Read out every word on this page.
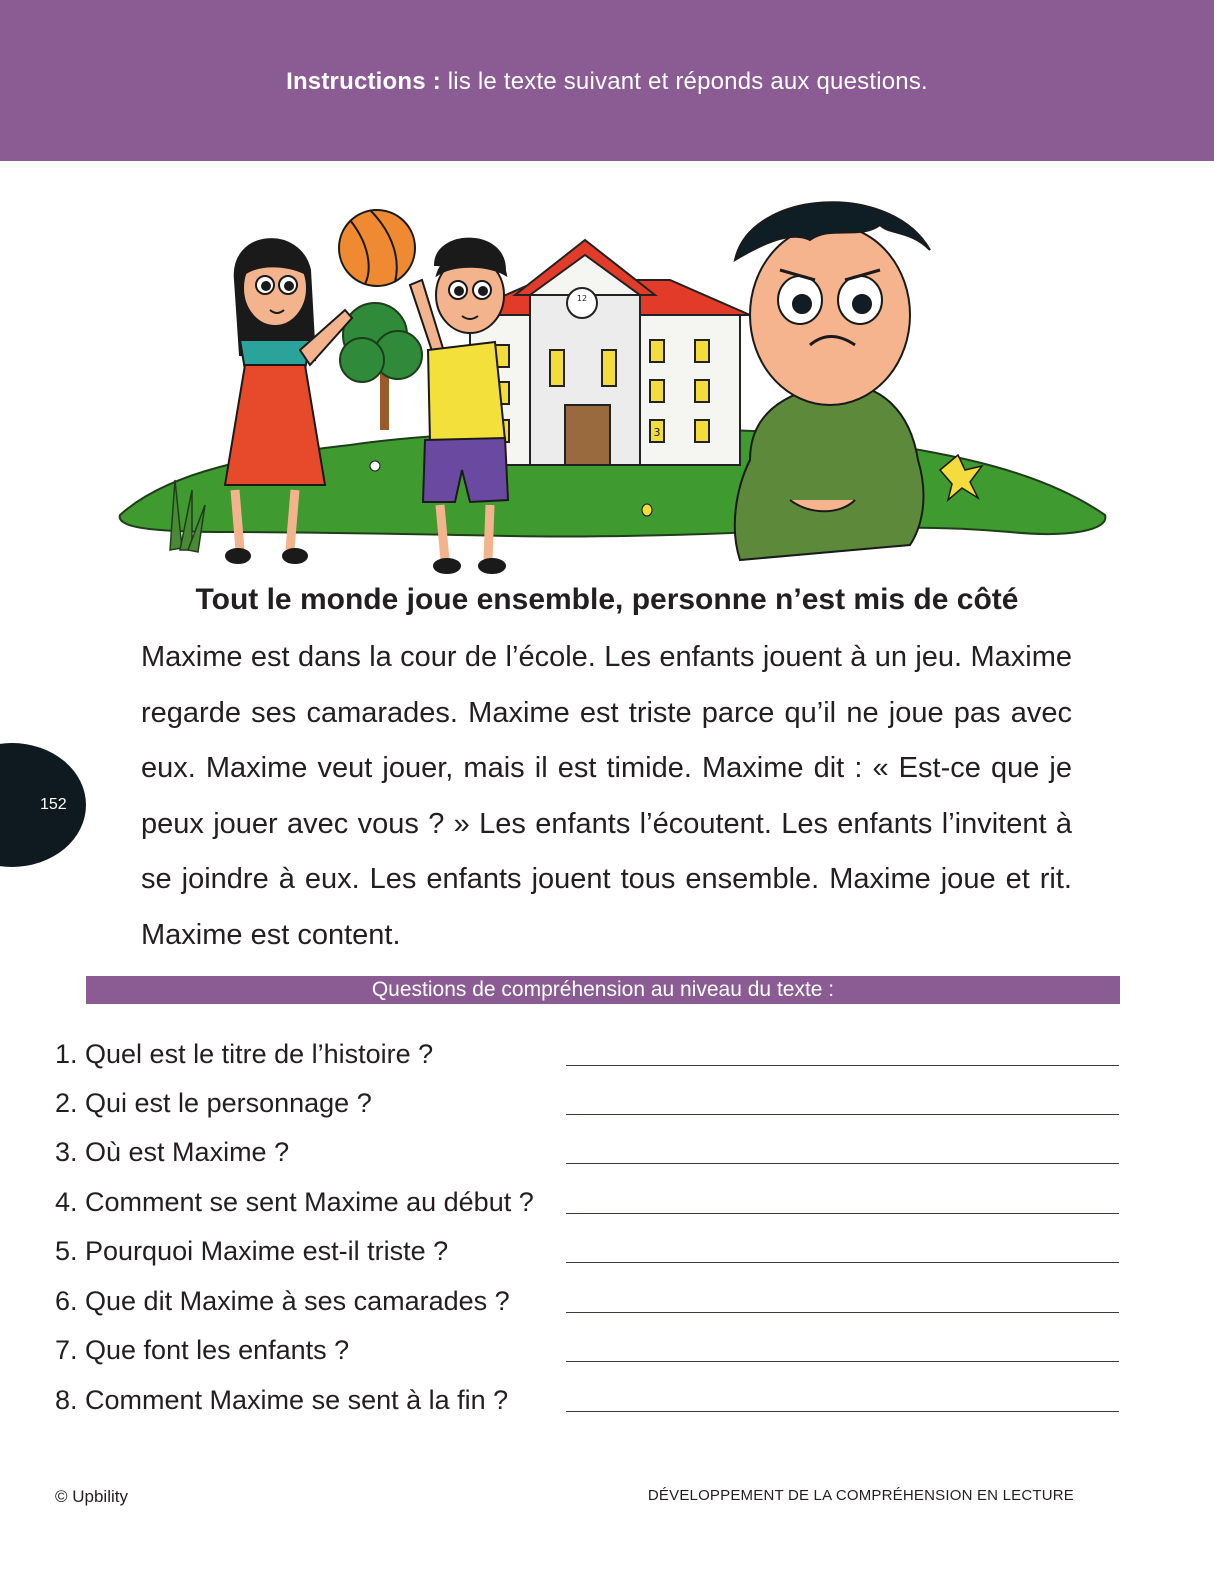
Instructions : lis le texte suivant et réponds aux questions.
12
3
Tout le monde joue ensemble, personne n’est mis de côté

Maxime est dans la cour de l’école. Les enfants jouent à un jeu. Maxime regarde ses camarades. Maxime est triste parce qu’il ne joue pas avec eux. Maxime veut jouer, mais il est timide. Maxime dit : « Est-ce que je peux jouer avec vous ? » Les enfants l’écoutent. Les enfants l’invitent à se joindre à eux. Les enfants jouent tous ensemble. Maxime joue et rit. Maxime est content.

152
Questions de compréhension au niveau du texte :
1. Quel est le titre de l’histoire ?
2. Qui est le personnage ?
3. Où est Maxime ?
4. Comment se sent Maxime au début ?
5. Pourquoi Maxime est-il triste ?
6. Que dit Maxime à ses camarades ?
7. Que font les enfants ?
8. Comment Maxime se sent à la fin ?
© Upbility	DÉVELOPPEMENT DE LA COMPRÉHENSION EN LECTURE
